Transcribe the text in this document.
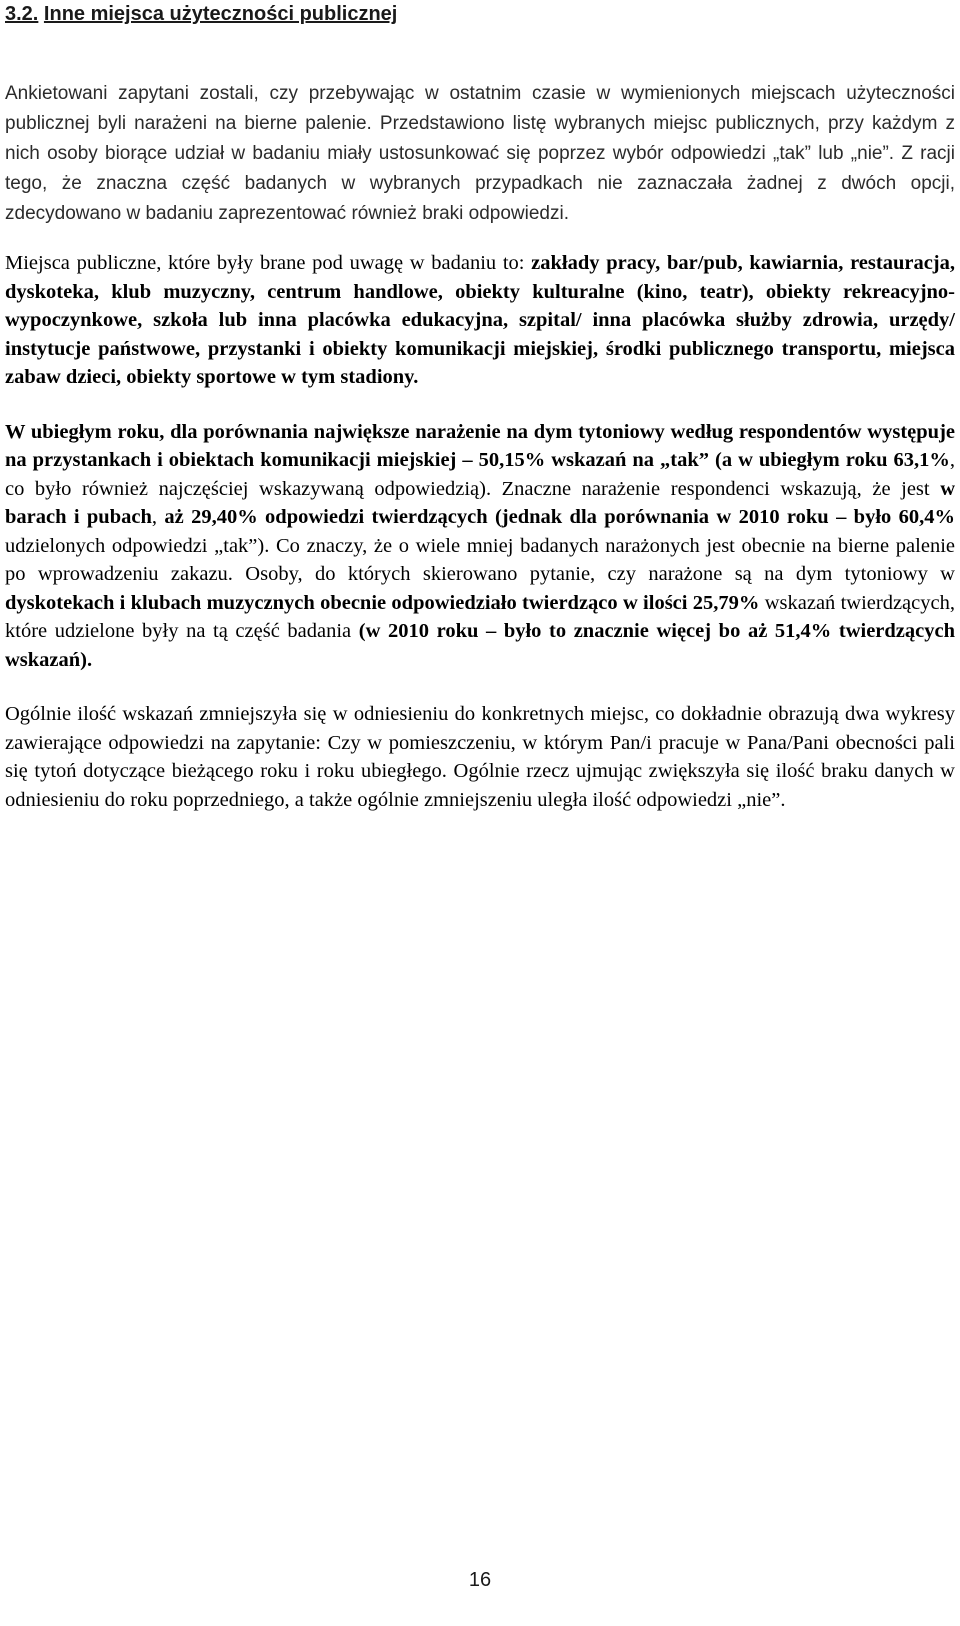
3.2. Inne miejsca użyteczności publicznej

Ankietowani zapytani zostali, czy przebywając w ostatnim czasie w wymienionych miejscach użyteczności publicznej byli narażeni na bierne palenie. Przedstawiono listę wybranych miejsc publicznych, przy każdym z nich osoby biorące udział w badaniu miały ustosunkować się poprzez wybór odpowiedzi „tak” lub „nie”. Z racji tego, że znaczna część badanych w wybranych przypadkach nie zaznaczała żadnej z dwóch opcji, zdecydowano w badaniu zaprezentować również braki odpowiedzi.

Miejsca publiczne, które były brane pod uwagę w badaniu to: zakłady pracy, bar/pub, kawiarnia, restauracja, dyskoteka, klub muzyczny, centrum handlowe, obiekty kulturalne (kino, teatr), obiekty rekreacyjno-wypoczynkowe, szkoła lub inna placówka edukacyjna, szpital/ inna placówka służby zdrowia, urzędy/ instytucje państwowe, przystanki i obiekty komunikacji miejskiej, środki publicznego transportu, miejsca zabaw dzieci, obiekty sportowe w tym stadiony.

W ubiegłym roku, dla porównania największe narażenie na dym tytoniowy według respondentów występuje na przystankach i obiektach komunikacji miejskiej – 50,15% wskazań na „tak” (a w ubiegłym roku 63,1%, co było również najczęściej wskazywaną odpowiedzią). Znaczne narażenie respondenci wskazują, że jest w barach i pubach, aż 29,40% odpowiedzi twierdzących (jednak dla porównania w 2010 roku – było 60,4% udzielonych odpowiedzi „tak”). Co znaczy, że o wiele mniej badanych narażonych jest obecnie na bierne palenie po wprowadzeniu zakazu. Osoby, do których skierowano pytanie, czy narażone są na dym tytoniowy w dyskotekach i klubach muzycznych obecnie odpowiedziało twierdząco w ilości 25,79% wskazań twierdzących, które udzielone były na tą część badania (w 2010 roku – było to znacznie więcej bo aż 51,4% twierdzących wskazań).

Ogólnie ilość wskazań zmniejszyła się w odniesieniu do konkretnych miejsc, co dokładnie obrazują dwa wykresy zawierające odpowiedzi na zapytanie: Czy w pomieszczeniu, w którym Pan/i pracuje w Pana/Pani obecności pali się tytoń dotyczące bieżącego roku i roku ubiegłego. Ogólnie rzecz ujmując zwiększyła się ilość braku danych w odniesieniu do roku poprzedniego, a także ogólnie zmniejszeniu uległa ilość odpowiedzi „nie”.

16
